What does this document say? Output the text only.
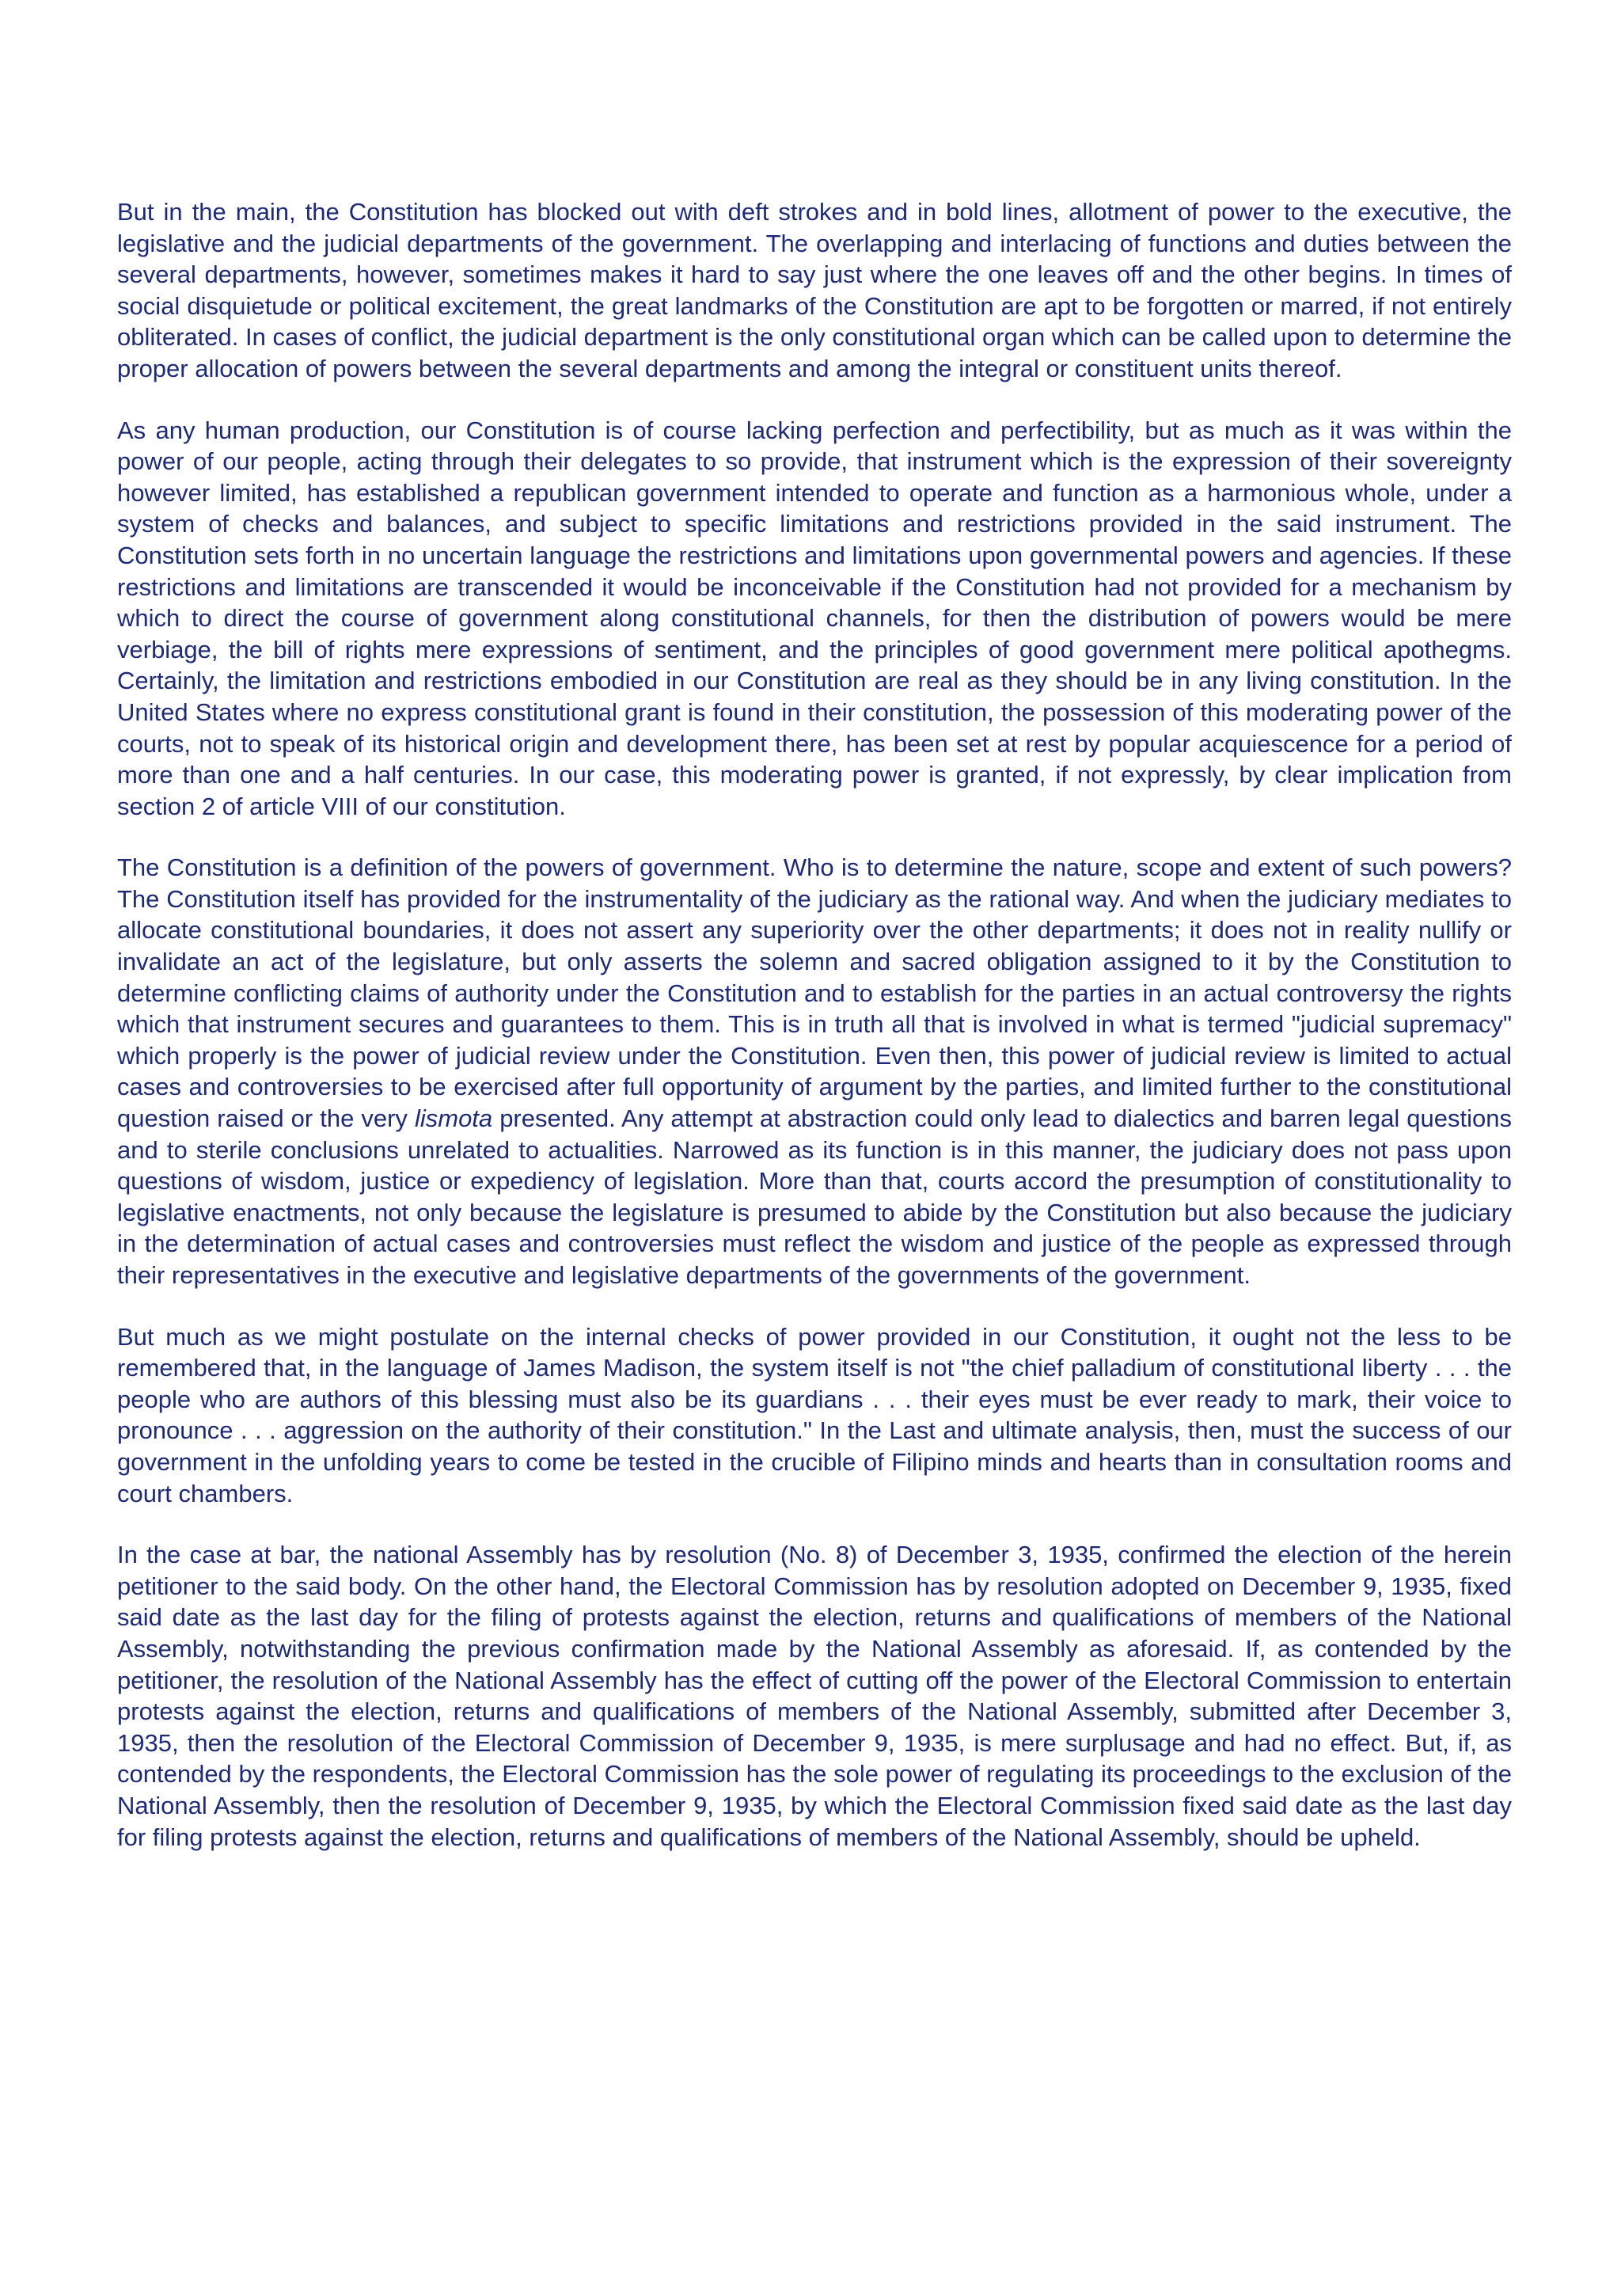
But in the main, the Constitution has blocked out with deft strokes and in bold lines, allotment of power to the executive, the legislative and the judicial departments of the government. The overlapping and interlacing of functions and duties between the several departments, however, sometimes makes it hard to say just where the one leaves off and the other begins. In times of social disquietude or political excitement, the great landmarks of the Constitution are apt to be forgotten or marred, if not entirely obliterated. In cases of conflict, the judicial department is the only constitutional organ which can be called upon to determine the proper allocation of powers between the several departments and among the integral or constituent units thereof.

As any human production, our Constitution is of course lacking perfection and perfectibility, but as much as it was within the power of our people, acting through their delegates to so provide, that instrument which is the expression of their sovereignty however limited, has established a republican government intended to operate and function as a harmonious whole, under a system of checks and balances, and subject to specific limitations and restrictions provided in the said instrument. The Constitution sets forth in no uncertain language the restrictions and limitations upon governmental powers and agencies. If these restrictions and limitations are transcended it would be inconceivable if the Constitution had not provided for a mechanism by which to direct the course of government along constitutional channels, for then the distribution of powers would be mere verbiage, the bill of rights mere expressions of sentiment, and the principles of good government mere political apothegms. Certainly, the limitation and restrictions embodied in our Constitution are real as they should be in any living constitution. In the United States where no express constitutional grant is found in their constitution, the possession of this moderating power of the courts, not to speak of its historical origin and development there, has been set at rest by popular acquiescence for a period of more than one and a half centuries. In our case, this moderating power is granted, if not expressly, by clear implication from section 2 of article VIII of our constitution.

The Constitution is a definition of the powers of government. Who is to determine the nature, scope and extent of such powers? The Constitution itself has provided for the instrumentality of the judiciary as the rational way. And when the judiciary mediates to allocate constitutional boundaries, it does not assert any superiority over the other departments; it does not in reality nullify or invalidate an act of the legislature, but only asserts the solemn and sacred obligation assigned to it by the Constitution to determine conflicting claims of authority under the Constitution and to establish for the parties in an actual controversy the rights which that instrument secures and guarantees to them. This is in truth all that is involved in what is termed "judicial supremacy" which properly is the power of judicial review under the Constitution. Even then, this power of judicial review is limited to actual cases and controversies to be exercised after full opportunity of argument by the parties, and limited further to the constitutional question raised or the very lismota presented. Any attempt at abstraction could only lead to dialectics and barren legal questions and to sterile conclusions unrelated to actualities. Narrowed as its function is in this manner, the judiciary does not pass upon questions of wisdom, justice or expediency of legislation. More than that, courts accord the presumption of constitutionality to legislative enactments, not only because the legislature is presumed to abide by the Constitution but also because the judiciary in the determination of actual cases and controversies must reflect the wisdom and justice of the people as expressed through their representatives in the executive and legislative departments of the governments of the government.

But much as we might postulate on the internal checks of power provided in our Constitution, it ought not the less to be remembered that, in the language of James Madison, the system itself is not "the chief palladium of constitutional liberty . . . the people who are authors of this blessing must also be its guardians . . . their eyes must be ever ready to mark, their voice to pronounce . . . aggression on the authority of their constitution." In the Last and ultimate analysis, then, must the success of our government in the unfolding years to come be tested in the crucible of Filipino minds and hearts than in consultation rooms and court chambers.

In the case at bar, the national Assembly has by resolution (No. 8) of December 3, 1935, confirmed the election of the herein petitioner to the said body. On the other hand, the Electoral Commission has by resolution adopted on December 9, 1935, fixed said date as the last day for the filing of protests against the election, returns and qualifications of members of the National Assembly, notwithstanding the previous confirmation made by the National Assembly as aforesaid. If, as contended by the petitioner, the resolution of the National Assembly has the effect of cutting off the power of the Electoral Commission to entertain protests against the election, returns and qualifications of members of the National Assembly, submitted after December 3, 1935, then the resolution of the Electoral Commission of December 9, 1935, is mere surplusage and had no effect. But, if, as contended by the respondents, the Electoral Commission has the sole power of regulating its proceedings to the exclusion of the National Assembly, then the resolution of December 9, 1935, by which the Electoral Commission fixed said date as the last day for filing protests against the election, returns and qualifications of members of the National Assembly, should be upheld.
